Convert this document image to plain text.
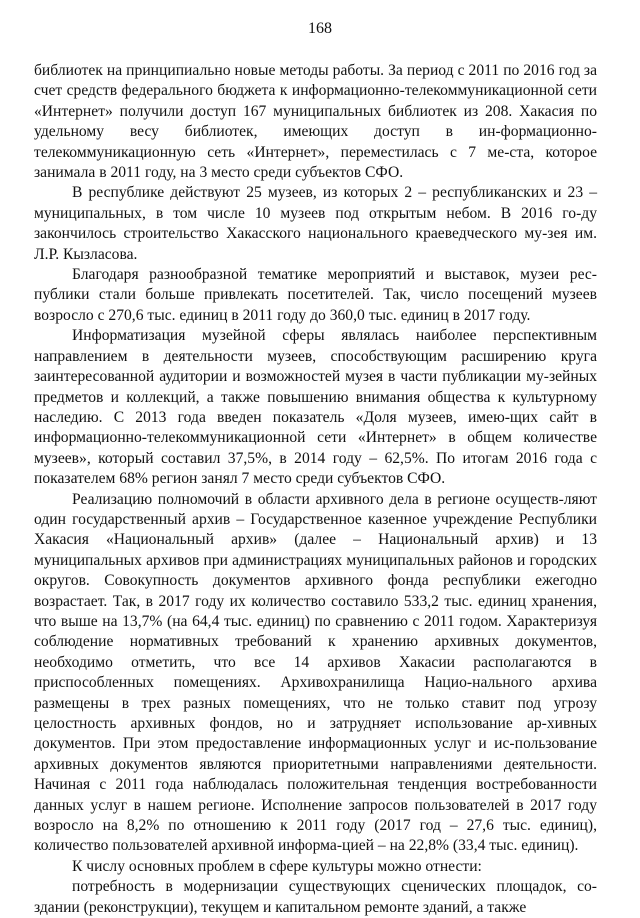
168

библиотек на принципиально новые методы работы. За период с 2011 по 2016 год за счет средств федерального бюджета к информационно-телекоммуникационной сети «Интернет» получили доступ 167 муниципальных библиотек из 208. Хакасия по удельному весу библиотек, имеющих доступ в ин-формационно-телекоммуникационную сеть «Интернет», переместилась с 7 ме-ста, которое занимала в 2011 году, на 3 место среди субъектов СФО.

В республике действуют 25 музеев, из которых 2 – республиканских и 23 – муниципальных, в том числе 10 музеев под открытым небом. В 2016 го-ду закончилось строительство Хакасского национального краеведческого му-зея им. Л.Р. Кызласова.

Благодаря разнообразной тематике мероприятий и выставок, музеи рес-публики стали больше привлекать посетителей. Так, число посещений музеев возросло с 270,6 тыс. единиц в 2011 году до 360,0 тыс. единиц в 2017 году.

Информатизация музейной сферы являлась наиболее перспективным направлением в деятельности музеев, способствующим расширению круга заинтересованной аудитории и возможностей музея в части публикации му-зейных предметов и коллекций, а также повышению внимания общества к культурному наследию. С 2013 года введен показатель «Доля музеев, имею-щих сайт в информационно-телекоммуникационной сети «Интернет» в общем количестве музеев», который составил 37,5%, в 2014 году – 62,5%. По итогам 2016 года с показателем 68% регион занял 7 место среди субъектов СФО.

Реализацию полномочий в области архивного дела в регионе осуществ-ляют один государственный архив – Государственное казенное учреждение Республики Хакасия «Национальный архив» (далее – Национальный архив) и 13 муниципальных архивов при администрациях муниципальных районов и городских округов. Совокупность документов архивного фонда республики ежегодно возрастает. Так, в 2017 году их количество составило 533,2 тыс. единиц хранения, что выше на 13,7% (на 64,4 тыс. единиц) по сравнению с 2011 годом. Характеризуя соблюдение нормативных требований к хранению архивных документов, необходимо отметить, что все 14 архивов Хакасии располагаются в приспособленных помещениях. Архивохранилища Нацио-нального архива размещены в трех разных помещениях, что не только ставит под угрозу целостность архивных фондов, но и затрудняет использование ар-хивных документов. При этом предоставление информационных услуг и ис-пользование архивных документов являются приоритетными направлениями деятельности. Начиная с 2011 года наблюдалась положительная тенденция востребованности данных услуг в нашем регионе. Исполнение запросов пользователей в 2017 году возросло на 8,2% по отношению к 2011 году (2017 год – 27,6 тыс. единиц), количество пользователей архивной информа-цией – на 22,8% (33,4 тыс. единиц).

К числу основных проблем в сфере культуры можно отнести:

потребность в модернизации существующих сценических площадок, со-здании (реконструкции), текущем и капитальном ремонте зданий, а также
